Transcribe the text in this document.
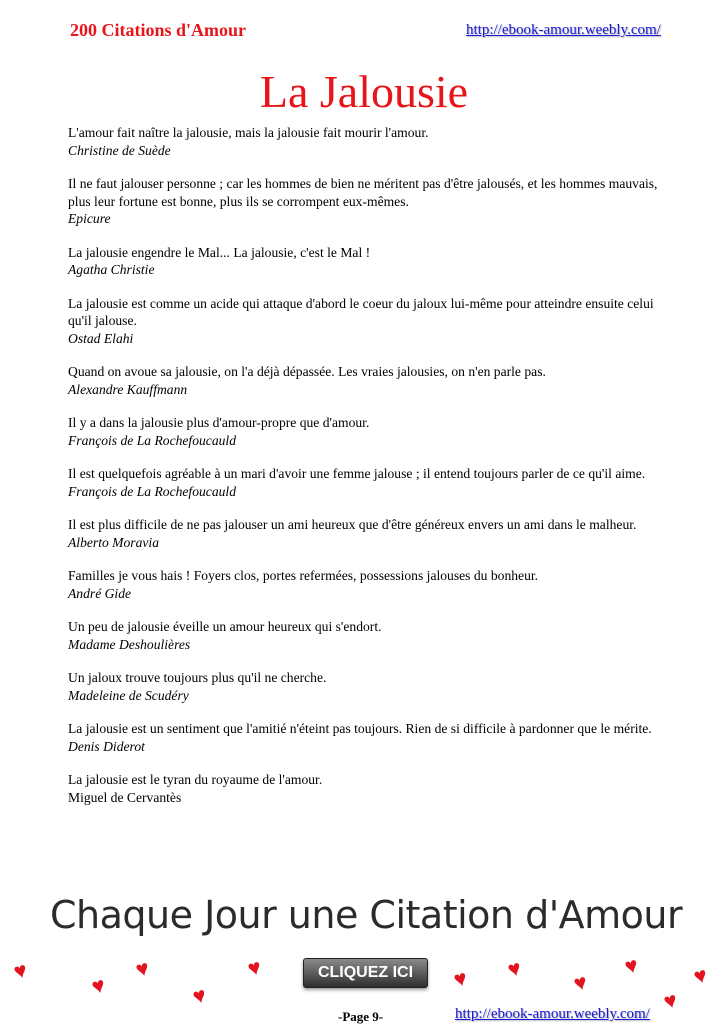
200 Citations d'Amour	http://ebook-amour.weebly.com/
La Jalousie
L'amour fait naître la jalousie, mais la jalousie fait mourir l'amour.
Christine de Suède
Il ne faut jalouser personne ; car les hommes de bien ne méritent pas d'être jalousés, et les hommes mauvais, plus leur fortune est bonne, plus ils se corrompent eux-mêmes.
Epicure
La jalousie engendre le Mal... La jalousie, c'est le Mal !
Agatha Christie
La jalousie est comme un acide qui attaque d'abord le coeur du jaloux lui-même pour atteindre ensuite celui qu'il jalouse.
Ostad Elahi
Quand on avoue sa jalousie, on l'a déjà dépassée. Les vraies jalousies, on n'en parle pas.
Alexandre Kauffmann
Il y a dans la jalousie plus d'amour-propre que d'amour.
François de La Rochefoucauld
Il est quelquefois agréable à un mari d'avoir une femme jalouse ; il entend toujours parler de ce qu'il aime.
François de La Rochefoucauld
Il est plus difficile de ne pas jalouser un ami heureux que d'être généreux envers un ami dans le malheur.
Alberto Moravia
Familles je vous hais ! Foyers clos, portes refermées, possessions jalouses du bonheur.
André Gide
Un peu de jalousie éveille un amour heureux qui s'endort.
Madame Deshoulières
Un jaloux trouve toujours plus qu'il ne cherche.
Madeleine de Scudéry
La jalousie est un sentiment que l'amitié n'éteint pas toujours. Rien de si difficile à pardonner que le mérite.
Denis Diderot
La jalousie est le tyran du royaume de l'amour.
Miguel de Cervantès
Chaque Jour une Citation d'Amour
CLIQUEZ ICI
♥
♥
♥
♥
♥	♥ ♥
♥
♥
♥
♥
-Page 9-	http://ebook-amour.weebly.com/
